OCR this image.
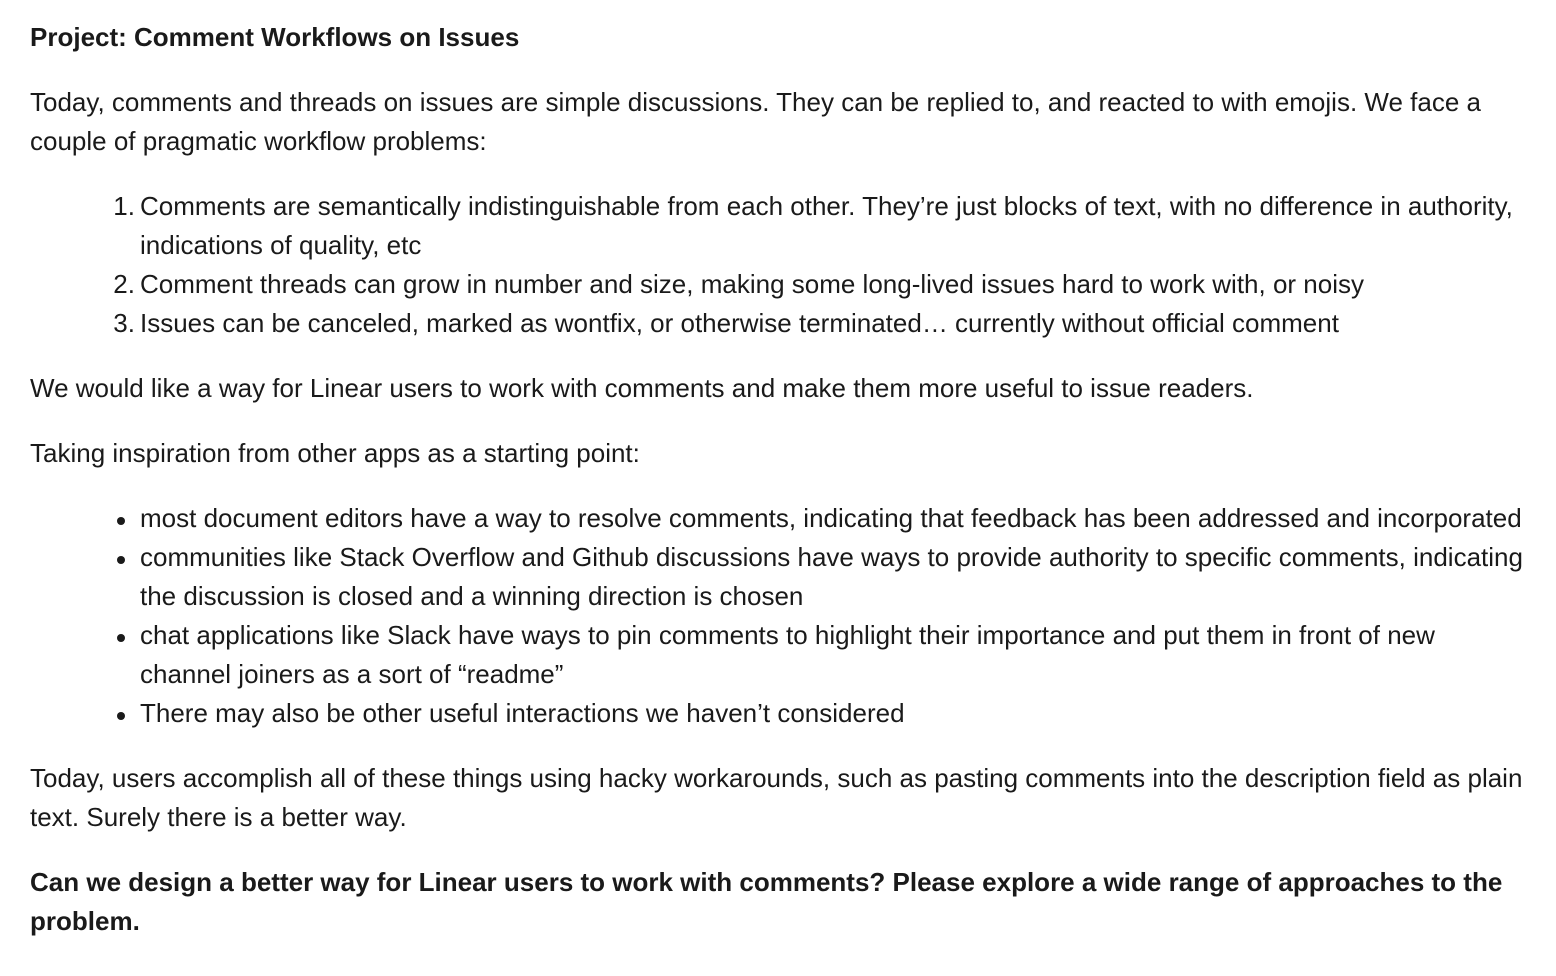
Project: Comment Workflows on Issues

Today, comments and threads on issues are simple discussions. They can be replied to, and reacted to with emojis. We face a couple of pragmatic workflow problems:

Comments are semantically indistinguishable from each other. They’re just blocks of text, with no difference in authority, indications of quality, etc
Comment threads can grow in number and size, making some long-lived issues hard to work with, or noisy
Issues can be canceled, marked as wontfix, or otherwise terminated… currently without official comment

We would like a way for Linear users to work with comments and make them more useful to issue readers.

Taking inspiration from other apps as a starting point:

most document editors have a way to resolve comments, indicating that feedback has been addressed and incorporated
communities like Stack Overflow and Github discussions have ways to provide authority to specific comments, indicating the discussion is closed and a winning direction is chosen
chat applications like Slack have ways to pin comments to highlight their importance and put them in front of new channel joiners as a sort of “readme”
There may also be other useful interactions we haven’t considered

Today, users accomplish all of these things using hacky workarounds, such as pasting comments into the description field as plain text. Surely there is a better way.

Can we design a better way for Linear users to work with comments? Please explore a wide range of approaches to the problem.
